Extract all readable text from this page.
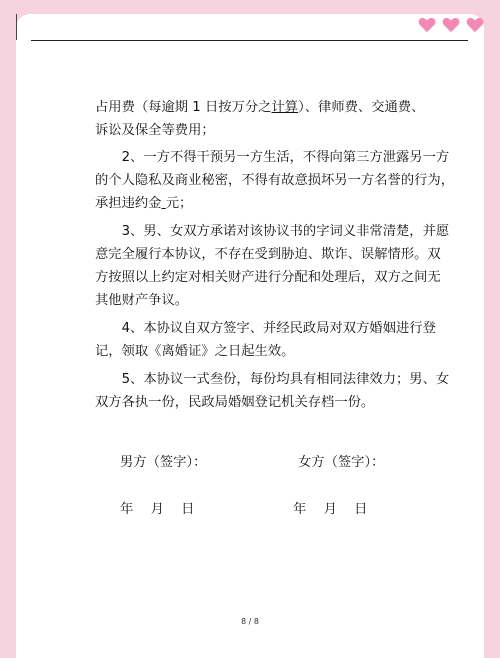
占用费（每逾期 1 日按万分之计算）、律师费、交通费、
诉讼及保全等费用；
2、一方不得干预另一方生活，不得向第三方泄露另一方
的个人隐私及商业秘密，不得有故意损坏另一方名誉的行为，
承担违约金 元；
3、男、女双方承诺对该协议书的字词义非常清楚，并愿
意完全履行本协议，不存在受到胁迫、欺诈、误解情形。双
方按照以上约定对相关财产进行分配和处理后，双方之间无
其他财产争议。
4、本协议自双方签字、并经民政局对双方婚姻进行登
记，领取《离婚证》之日起生效。
5、本协议一式叁份，每份均具有相同法律效力；男、女
双方各执一份，民政局婚姻登记机关存档一份。
男方（签字）：	女方（签字）：
年　月　日	年　月　日
8 / 8
